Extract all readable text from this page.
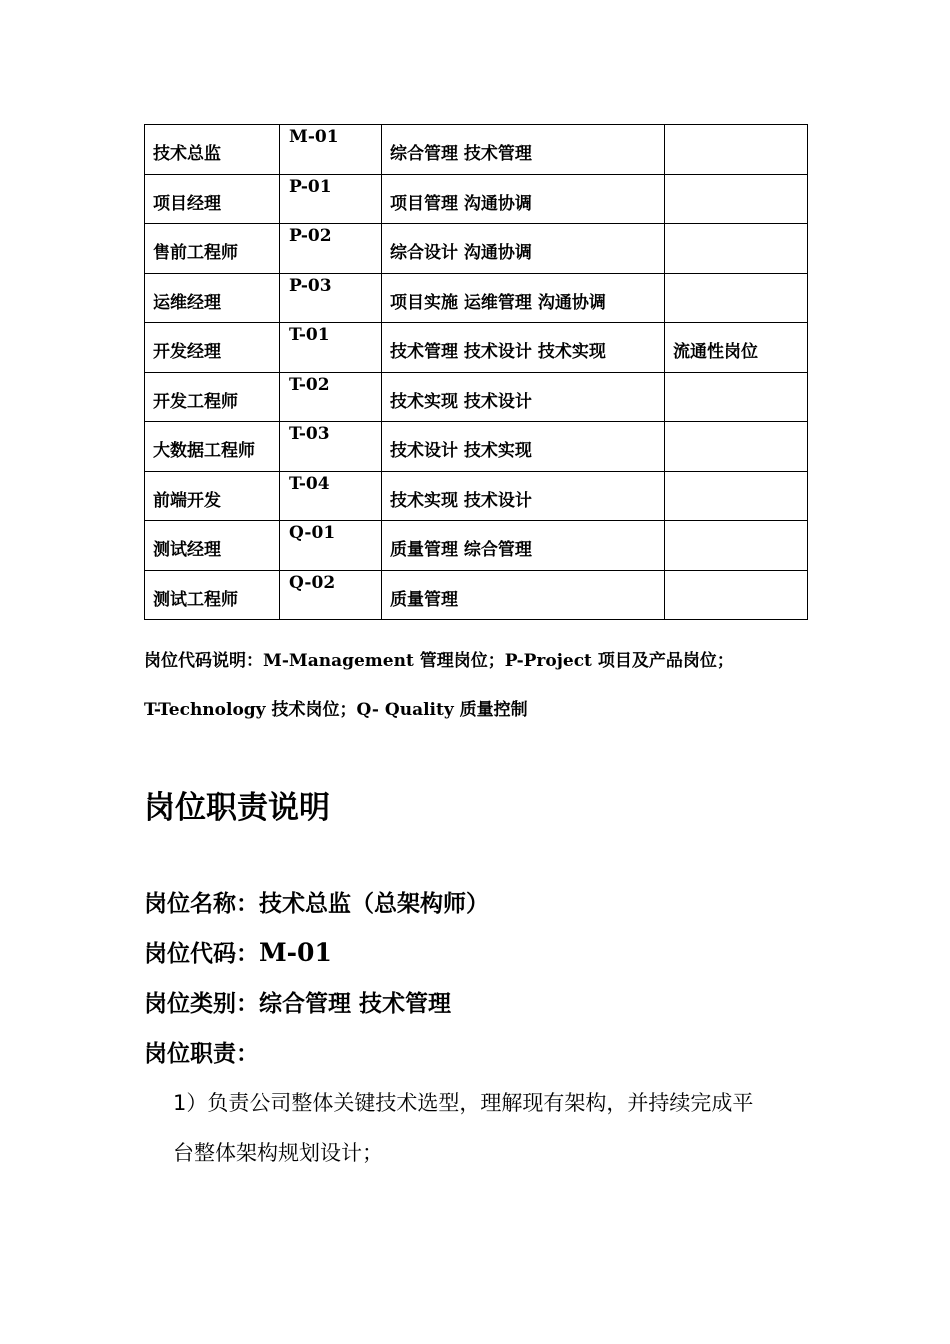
技术总监	M-01	综合管理 技术管理	
项目经理	P-01	项目管理 沟通协调	
售前工程师	P-02	综合设计 沟通协调	
运维经理	P-03	项目实施 运维管理 沟通协调	
开发经理	T-01	技术管理 技术设计 技术实现	流通性岗位
开发工程师	T-02	技术实现 技术设计	
大数据工程师	T-03	技术设计 技术实现	
前端开发	T-04	技术实现 技术设计	
测试经理	Q-01	质量管理 综合管理	
测试工程师	Q-02	质量管理	
岗位代码说明：M-Management 管理岗位；P-Project 项目及产品岗位；
T-Technology 技术岗位；Q- Quality 质量控制
岗位职责说明
岗位名称：技术总监（总架构师）
岗位代码：M-01
岗位类别：综合管理 技术管理
岗位职责：
1）负责公司整体关键技术选型，理解现有架构，并持续完成平
台整体架构规划设计；
